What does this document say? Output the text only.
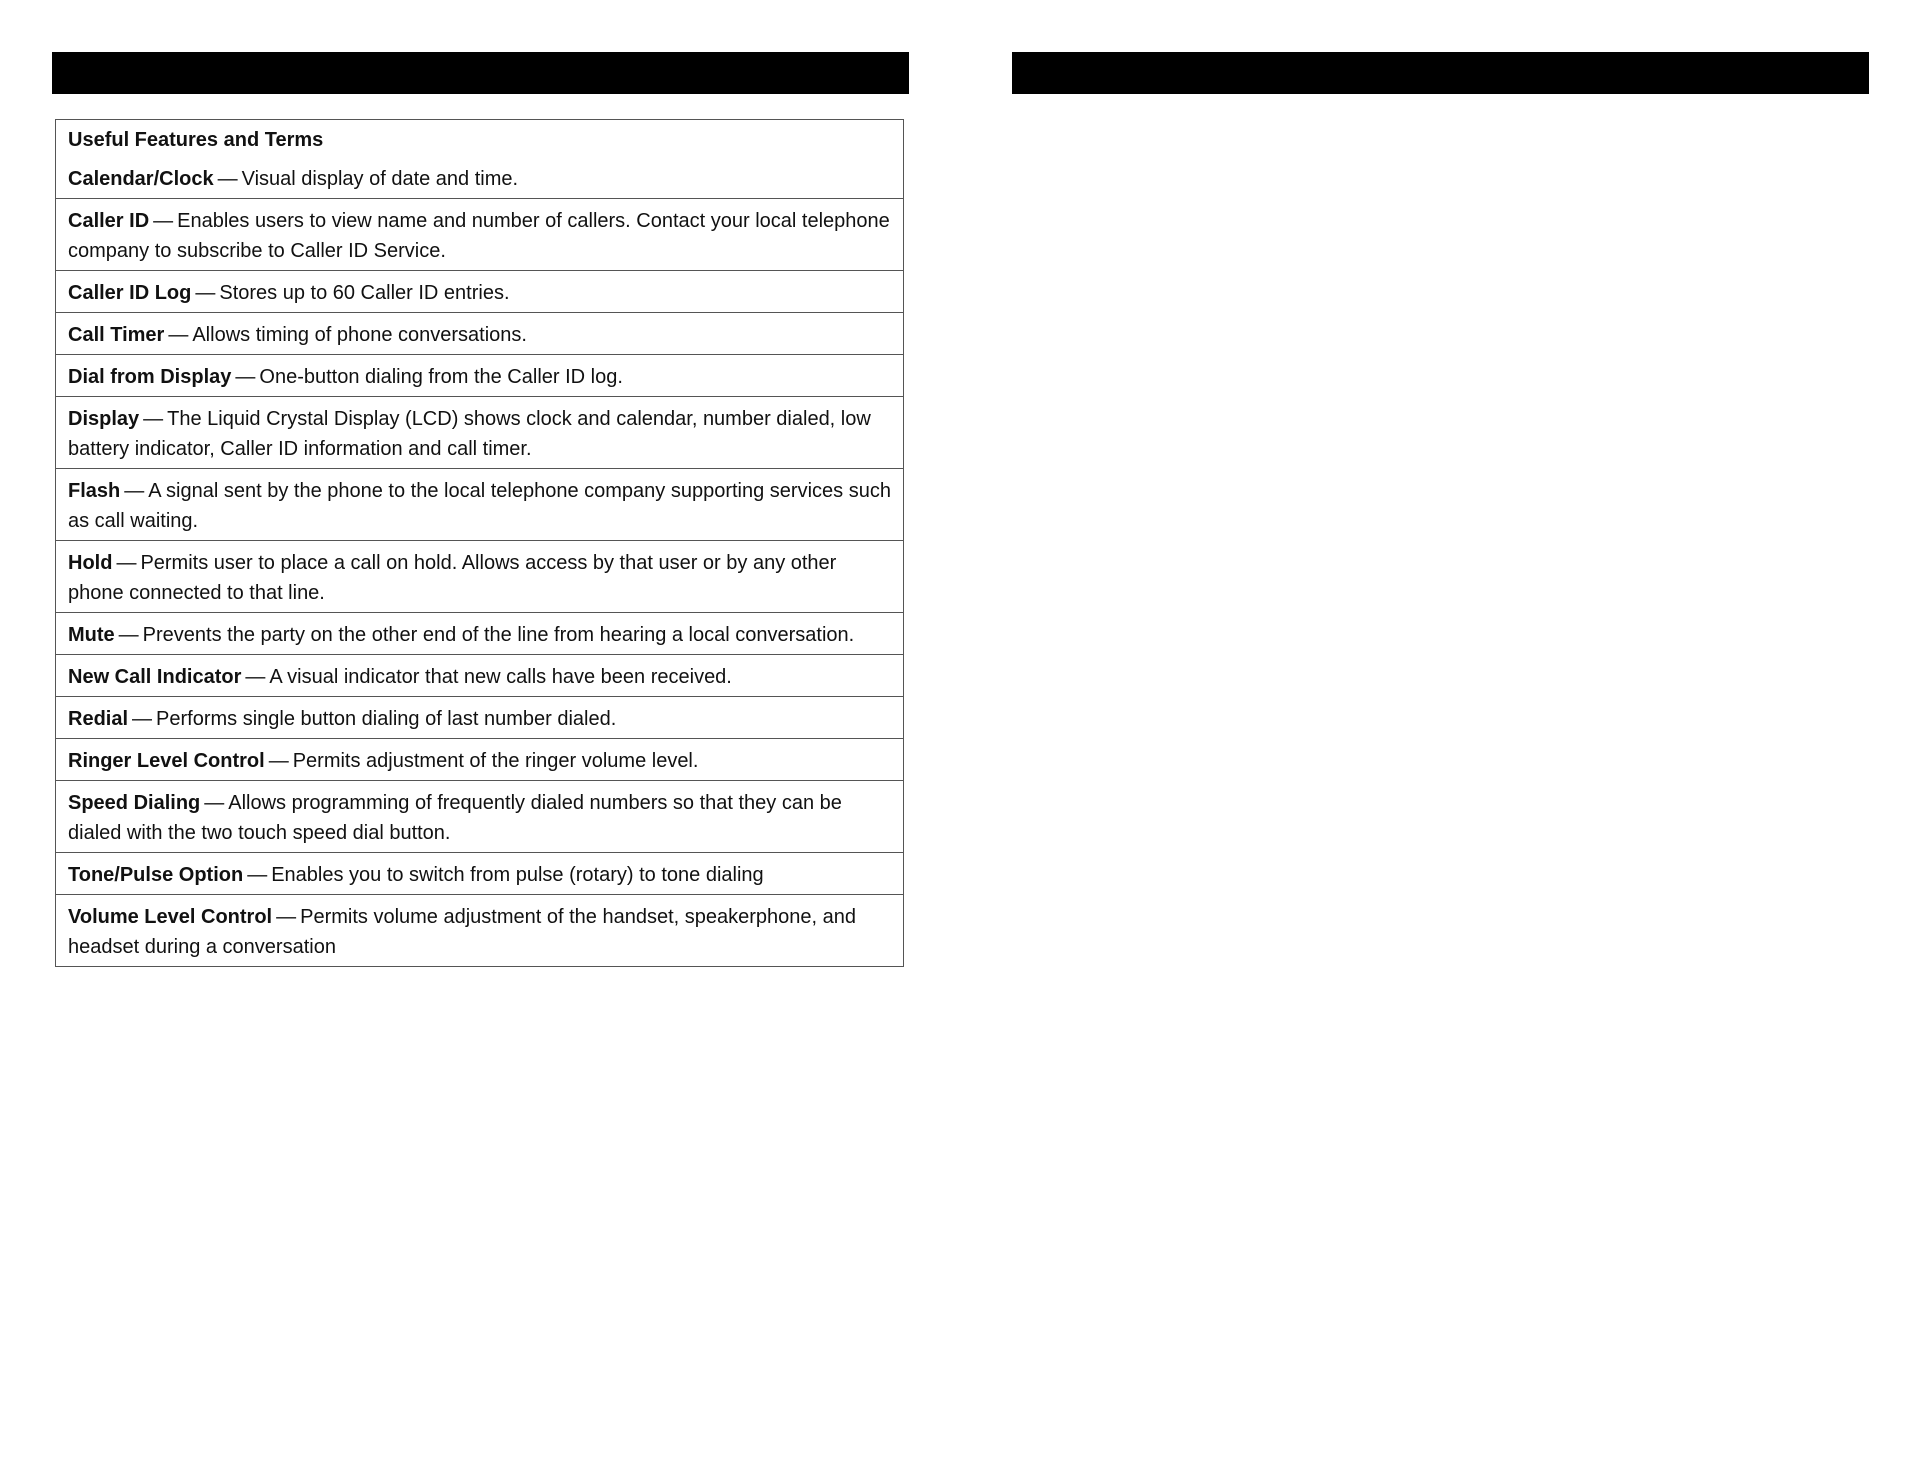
Useful Features and Terms
Calendar/Clock — Visual display of date and time.
Caller ID — Enables users to view name and number of callers. Contact your local telephone company to subscribe to Caller ID Service.
Caller ID Log — Stores up to 60 Caller ID entries.
Call Timer — Allows timing of phone conversations.
Dial from Display — One-button dialing from the Caller ID log.
Display — The Liquid Crystal Display (LCD) shows clock and calendar, number dialed, low battery indicator, Caller ID information and call timer.
Flash — A signal sent by the phone to the local telephone company supporting services such as call waiting.
Hold — Permits user to place a call on hold. Allows access by that user or by any other phone connected to that line.
Mute — Prevents the party on the other end of the line from hearing a local conversation.
New Call Indicator — A visual indicator that new calls have been received.
Redial — Performs single button dialing of last number dialed.
Ringer Level Control — Permits adjustment of the ringer volume level.
Speed Dialing — Allows programming of frequently dialed numbers so that they can be dialed with the two touch speed dial button.
Tone/Pulse Option — Enables you to switch from pulse (rotary) to tone dialing
Volume Level Control — Permits volume adjustment of the handset, speakerphone, and headset during a conversation
